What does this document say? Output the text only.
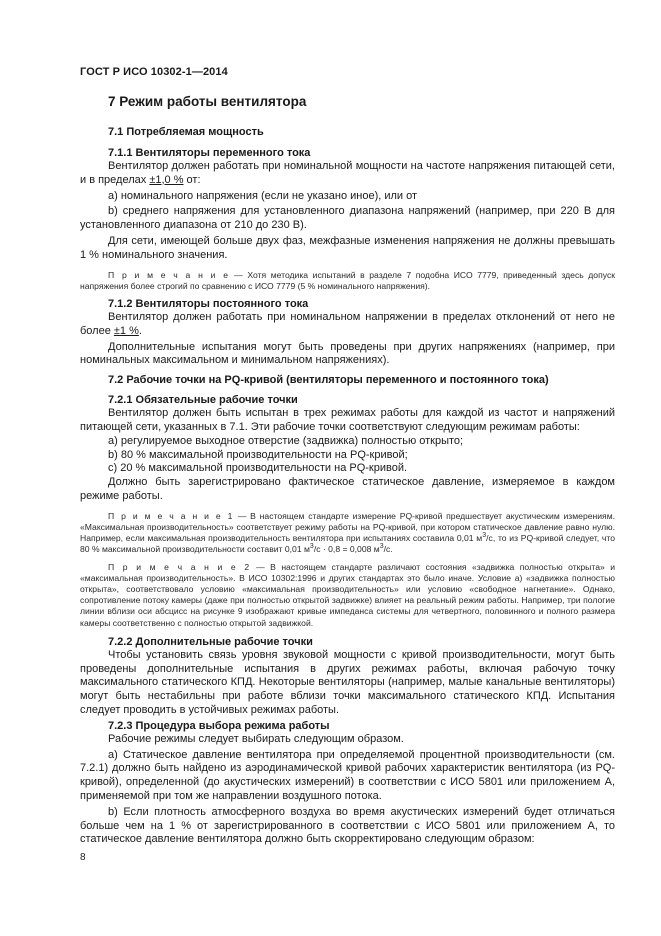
ГОСТ Р ИСО 10302-1—2014
7 Режим работы вентилятора
7.1 Потребляемая мощность
7.1.1 Вентиляторы переменного тока

Вентилятор должен работать при номинальной мощности на частоте напряжения питающей сети, и в пределах ±1,0 % от:

а) номинального напряжения (если не указано иное), или от

b) среднего напряжения для установленного диапазона напряжений (например, при 220 В для установленного диапазона от 210 до 230 В).

Для сети, имеющей больше двух фаз, межфазные изменения напряжения не должны превышать 1 % номинального значения.

П р и м е ч а н и е — Хотя методика испытаний в разделе 7 подобна ИСО 7779, приведенный здесь допуск напряжения более строгий по сравнению с ИСО 7779 (5 % номинального напряжения).

7.1.2 Вентиляторы постоянного тока

Вентилятор должен работать при номинальном напряжении в пределах отклонений от него не более ±1 %.

Дополнительные испытания могут быть проведены при других напряжениях (например, при номинальных максимальном и минимальном напряжениях).

7.2 Рабочие точки на PQ-кривой (вентиляторы переменного и постоянного тока)
7.2.1 Обязательные рабочие точки

Вентилятор должен быть испытан в трех режимах работы для каждой из частот и напряжений питающей сети, указанных в 7.1. Эти рабочие точки соответствуют следующим режимам работы:

а) регулируемое выходное отверстие (задвижка) полностью открыто;

b) 80 % максимальной производительности на PQ-кривой;

с) 20 % максимальной производительности на PQ-кривой.

Должно быть зарегистрировано фактическое статическое давление, измеряемое в каждом режиме работы.

П р и м е ч а н и е 1 — В настоящем стандарте измерение PQ-кривой предшествует акустическим измерениям. «Максимальная производительность» соответствует режиму работы на PQ-кривой, при котором статическое давление равно нулю. Например, если максимальная производительность вентилятора при испытаниях составила 0,01 $м^3/с$, то из PQ-кривой следует, что 80 % максимальной производительности составит 0,01 $м^3/с \cdot 0,8 = 0,008$ $м^3/с$.

П р и м е ч а н и е 2 — В настоящем стандарте различают состояния «задвижка полностью открыта» и «максимальная производительность». В ИСО 10302:1996 и других стандартах это было иначе. Условие а) «задвижка полностью открыта», соответствовало условию «максимальная производительность» или условию «свободное нагнетание». Однако, сопротивление потоку камеры (даже при полностью открытой задвижке) влияет на реальный режим работы. Например, три пологие линии вблизи оси абсцисс на рисунке 9 изображают кривые импеданса системы для четвертного, половинного и полного размера камеры соответственно с полностью открытой задвижкой.

7.2.2 Дополнительные рабочие точки

Чтобы установить связь уровня звуковой мощности с кривой производительности, могут быть проведены дополнительные испытания в других режимах работы, включая рабочую точку максимального статического КПД. Некоторые вентиляторы (например, малые канальные вентиляторы) могут быть нестабильны при работе вблизи точки максимального статического КПД. Испытания следует проводить в устойчивых режимах работы.

7.2.3 Процедура выбора режима работы

Рабочие режимы следует выбирать следующим образом.

а) Статическое давление вентилятора при определяемой процентной производительности (см. 7.2.1) должно быть найдено из аэродинамической кривой рабочих характеристик вентилятора (из PQ-кривой), определенной (до акустических измерений) в соответствии с ИСО 5801 или приложением А, применяемой при том же направлении воздушного потока.

b) Если плотность атмосферного воздуха во время акустических измерений будет отличаться больше чем на 1 % от зарегистрированного в соответствии с ИСО 5801 или приложением А, то статическое давление вентилятора должно быть скорректировано следующим образом:

8
